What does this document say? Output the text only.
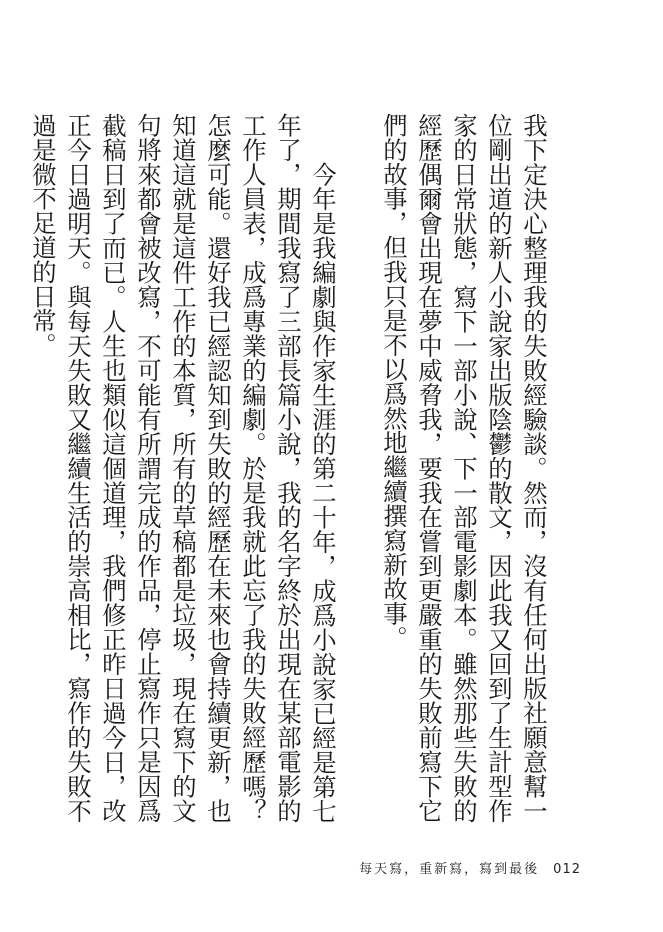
我下定決心整理我的失敗經驗談。然而，沒有任何出版社願意幫一位剛出道的新人小說家出版陰鬱的散文，因此我又回到了生計型作家的日常狀態，寫下一部小說、下一部電影劇本。雖然那些失敗的經歷偶爾會出現在夢中威脅我，要我在嘗到更嚴重的失敗前寫下它們的故事，但我只是不以爲然地繼續撰寫新故事。

今年是我編劇與作家生涯的第二十年，成爲小說家已經是第七年了，期間我寫了三部長篇小說，我的名字終於出現在某部電影的工作人員表，成爲專業的編劇。於是我就此忘了我的失敗經歷嗎？怎麼可能。還好我已經認知到失敗的經歷在未來也會持續更新，也知道這就是這件工作的本質，所有的草稿都是垃圾，現在寫下的文句將來都會被改寫，不可能有所謂完成的作品，停止寫作只是因爲截稿日到了而已。人生也類似這個道理，我們修正昨日過今日，改正今日過明天。與每天失敗又繼續生活的崇高相比，寫作的失敗不過是微不足道的日常。

每天寫，重新寫，寫到最後 012
